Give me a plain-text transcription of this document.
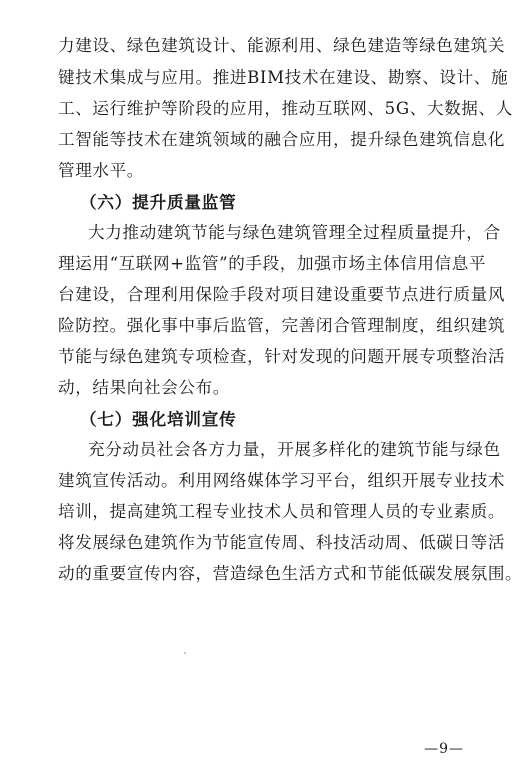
力建设、绿色建筑设计、能源利用、绿色建造等绿色建筑关
键技术集成与应用。推进BIM技术在建设、勘察、设计、施
工、运行维护等阶段的应用，推动互联网、5G、大数据、人
工智能等技术在建筑领域的融合应用，提升绿色建筑信息化
管理水平。
（六）提升质量监管
大力推动建筑节能与绿色建筑管理全过程质量提升，合
理运用“互联网+监管”的手段，加强市场主体信用信息平
台建设，合理利用保险手段对项目建设重要节点进行质量风
险防控。强化事中事后监管，完善闭合管理制度，组织建筑
节能与绿色建筑专项检查，针对发现的问题开展专项整治活
动，结果向社会公布。
（七）强化培训宣传
充分动员社会各方力量，开展多样化的建筑节能与绿色
建筑宣传活动。利用网络媒体学习平台，组织开展专业技术
培训，提高建筑工程专业技术人员和管理人员的专业素质。
将发展绿色建筑作为节能宣传周、科技活动周、低碳日等活
动的重要宣传内容，营造绿色生活方式和节能低碳发展氛围。
—9—
